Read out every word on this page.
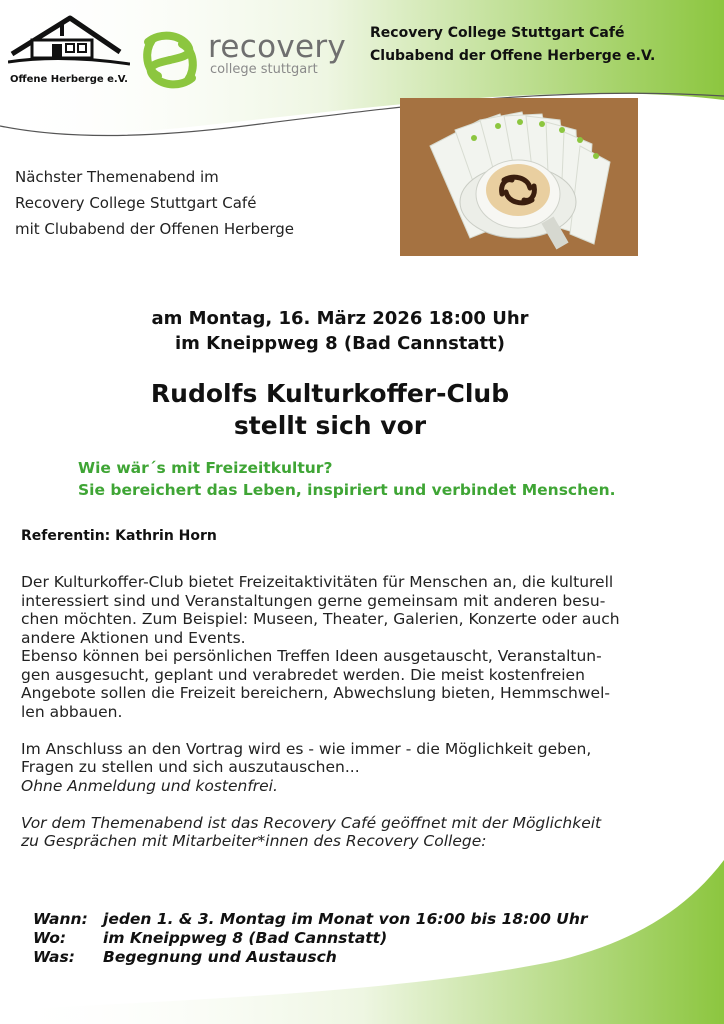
Offene Herberge e.V.
recovery
college stuttgart
Recovery College Stuttgart Café
Clubabend der Offene Herberge e.V.
Nächster Themenabend im
Recovery College Stuttgart Café
mit Clubabend der Offenen Herberge
am Montag, 16. März 2026 18:00 Uhr
im Kneippweg 8 (Bad Cannstatt)
Rudolfs Kulturkoffer-Club
stellt sich vor
Wie wär´s mit Freizeitkultur?
Sie bereichert das Leben, inspiriert und verbindet Menschen.
Referentin: Kathrin Horn

Der Kulturkoffer-Club bietet Freizeitaktivitäten für Menschen an, die kulturell
interessiert sind und Veranstaltungen gerne gemeinsam mit anderen besu-
chen möchten. Zum Beispiel: Museen, Theater, Galerien, Konzerte oder auch
andere Aktionen und Events.

Ebenso können bei persönlichen Treffen Ideen ausgetauscht, Veranstaltun-
gen ausgesucht, geplant und verabredet werden. Die meist kostenfreien
Angebote sollen die Freizeit bereichern, Abwechslung bieten, Hemmschwel-
len abbauen.

Im Anschluss an den Vortrag wird es - wie immer - die Möglichkeit geben,
Fragen zu stellen und sich auszutauschen...
Ohne Anmeldung und kostenfrei.

Vor dem Themenabend ist das Recovery Café geöffnet mit der Möglichkeit
zu Gesprächen mit Mitarbeiter*innen des Recovery College:

Wann:	jeden 1. & 3. Montag im Monat von 16:00 bis 18:00 Uhr
Wo:	im Kneippweg 8 (Bad Cannstatt)
Was:	Begegnung und Austausch
